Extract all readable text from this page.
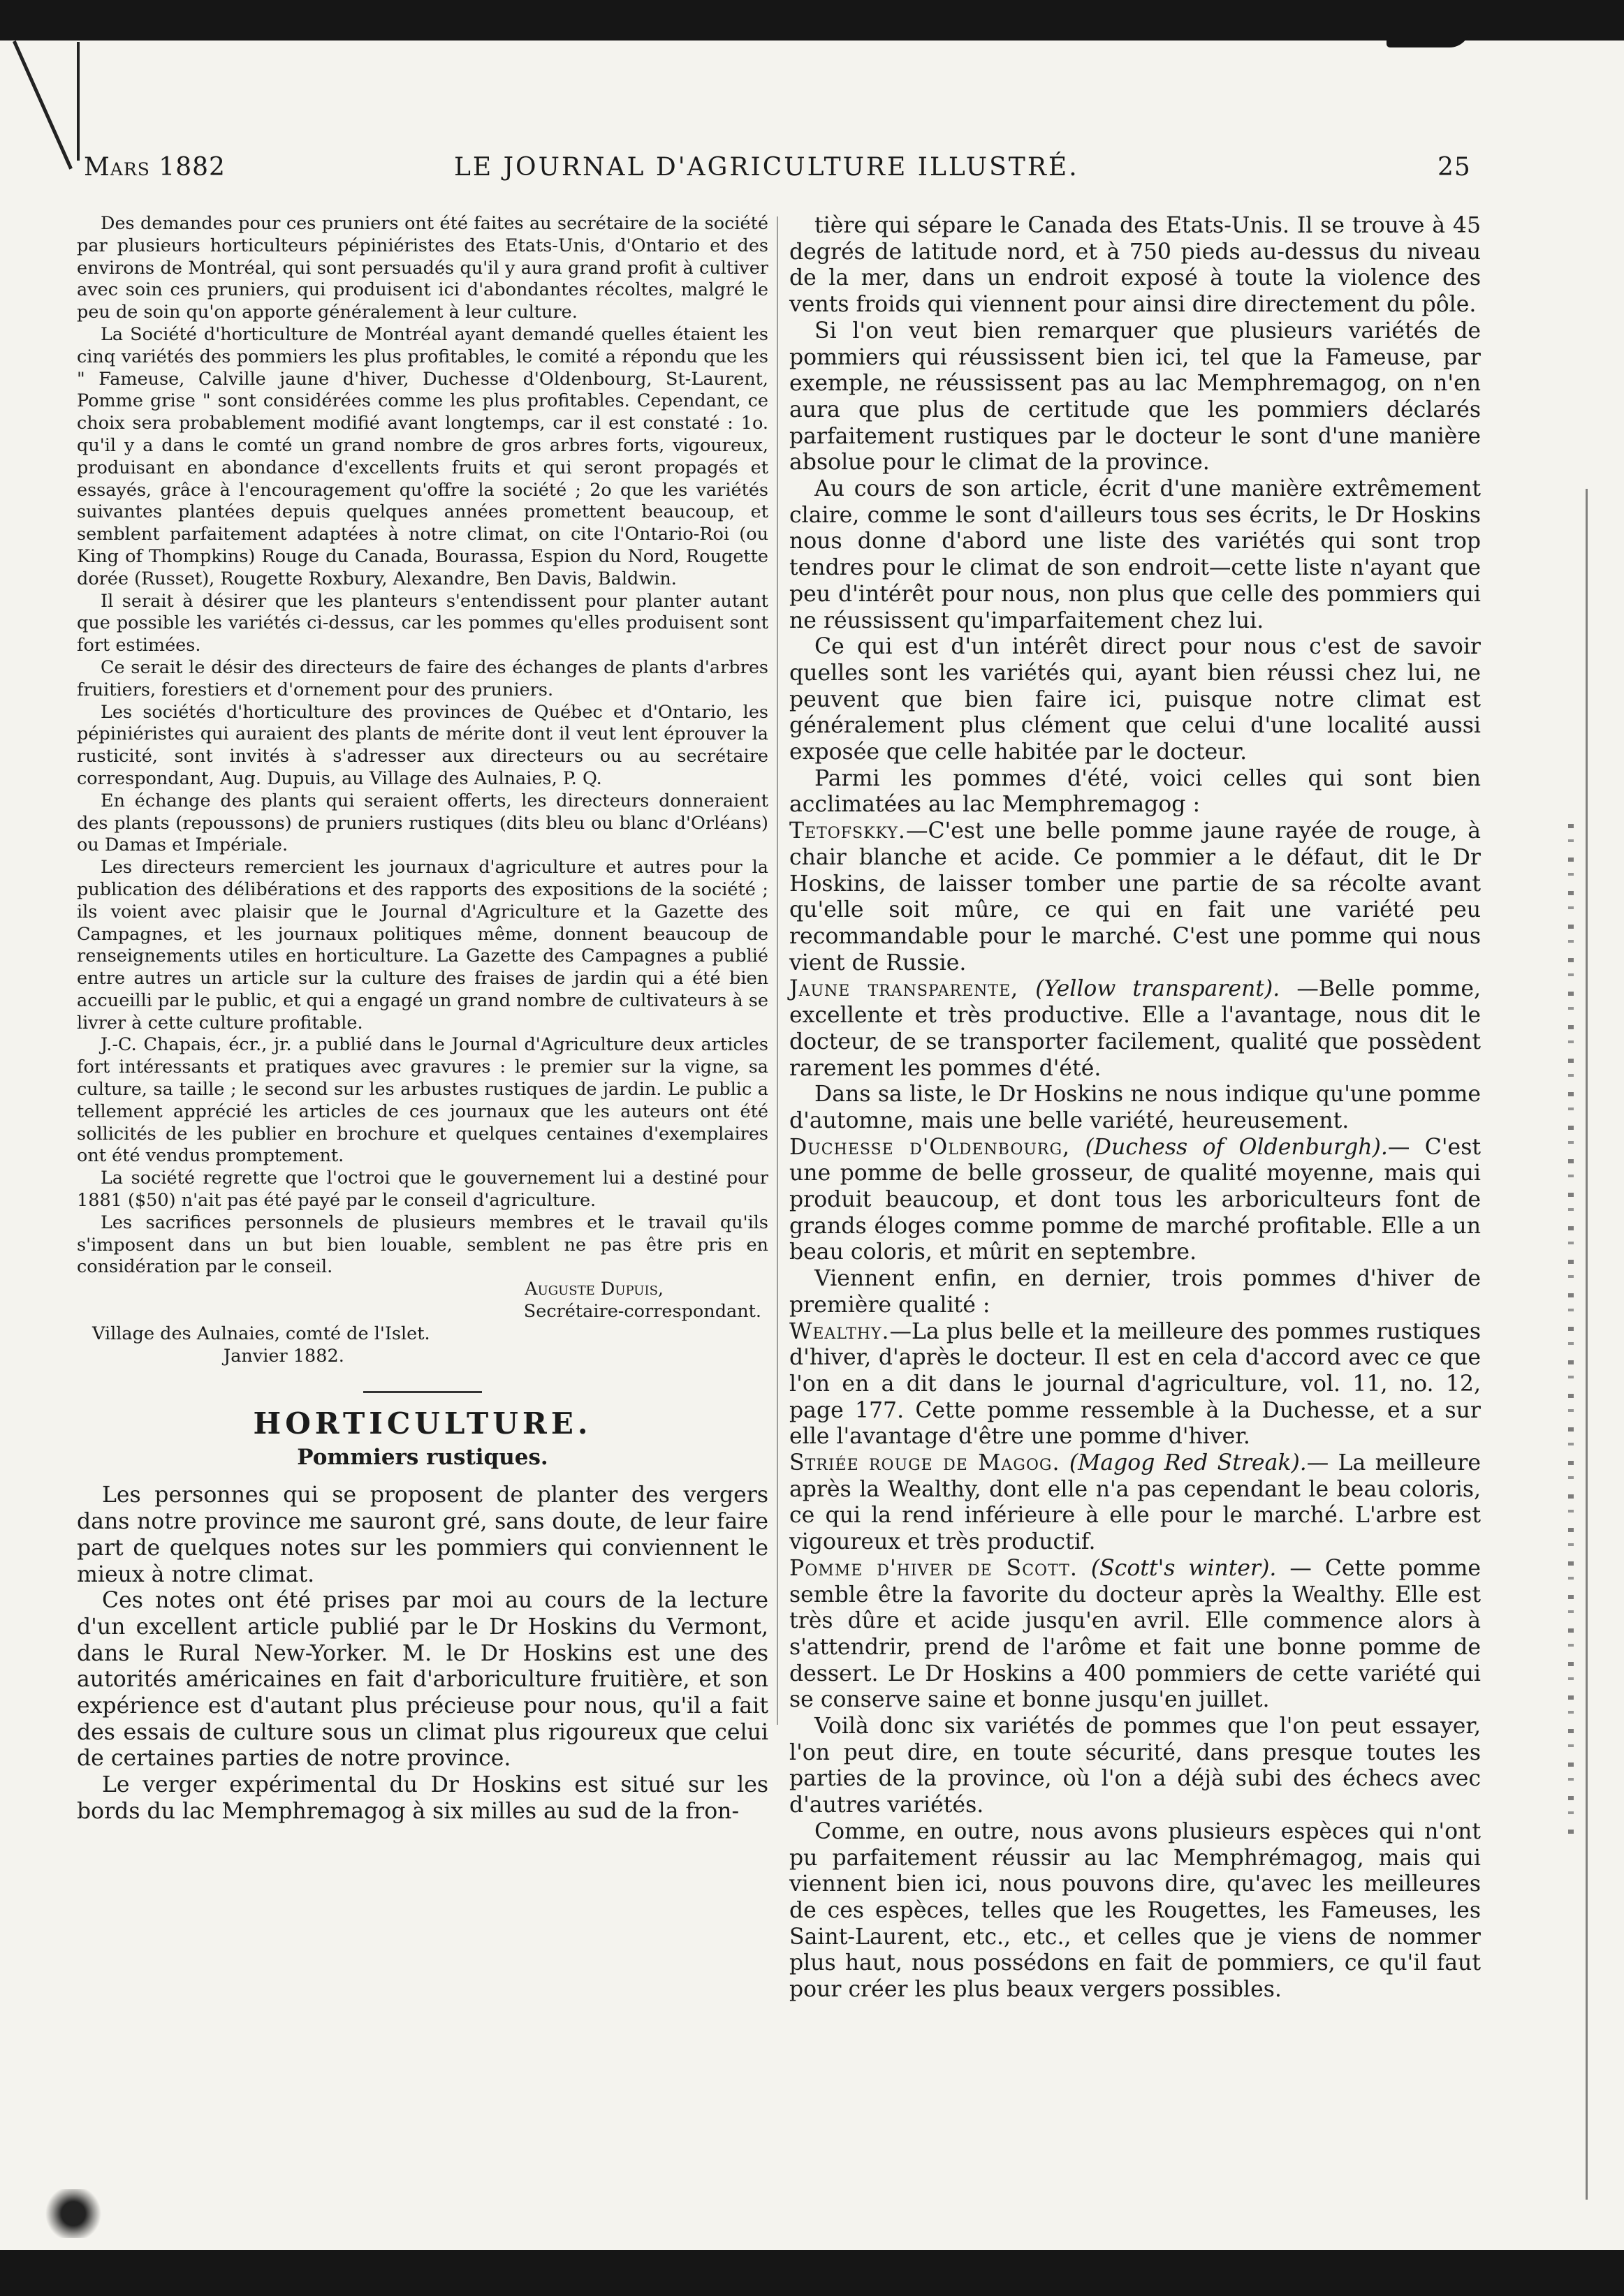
Mars 1882	LE JOURNAL D'AGRICULTURE ILLUSTRÉ.	25

Des demandes pour ces pruniers ont été faites au secrétaire de la société par plusieurs horticulteurs pépiniéristes des Etats-Unis, d'Ontario et des environs de Montréal, qui sont persuadés qu'il y aura grand profit à cultiver avec soin ces pruniers, qui produisent ici d'abondantes récoltes, malgré le peu de soin qu'on apporte généralement à leur culture.

La Société d'horticulture de Montréal ayant demandé quelles étaient les cinq variétés des pommiers les plus profitables, le comité a répondu que les " Fameuse, Calville jaune d'hiver, Duchesse d'Oldenbourg, St-Laurent, Pomme grise " sont considérées comme les plus profitables. Cependant, ce choix sera probablement modifié avant longtemps, car il est constaté : 1o. qu'il y a dans le comté un grand nombre de gros arbres forts, vigoureux, produisant en abondance d'excellents fruits et qui seront propagés et essayés, grâce à l'encouragement qu'offre la société ; 2o que les variétés suivantes plantées depuis quelques années promettent beaucoup, et semblent parfaitement adaptées à notre climat, on cite l'Ontario-Roi (ou King of Thompkins) Rouge du Canada, Bourassa, Espion du Nord, Rougette dorée (Russet), Rougette Roxbury, Alexandre, Ben Davis, Baldwin.

Il serait à désirer que les planteurs s'entendissent pour planter autant que possible les variétés ci-dessus, car les pommes qu'elles produisent sont fort estimées.

Ce serait le désir des directeurs de faire des échanges de plants d'arbres fruitiers, forestiers et d'ornement pour des pruniers.

Les sociétés d'horticulture des provinces de Québec et d'Ontario, les pépiniéristes qui auraient des plants de mérite dont il veut lent éprouver la rusticité, sont invités à s'adresser aux directeurs ou au secrétaire correspondant, Aug. Dupuis, au Village des Aulnaies, P. Q.

En échange des plants qui seraient offerts, les directeurs donneraient des plants (repoussons) de pruniers rustiques (dits bleu ou blanc d'Orléans) ou Damas et Impériale.

Les directeurs remercient les journaux d'agriculture et autres pour la publication des délibérations et des rapports des expositions de la société ; ils voient avec plaisir que le Journal d'Agriculture et la Gazette des Campagnes, et les journaux politiques même, donnent beaucoup de renseignements utiles en horticulture. La Gazette des Campagnes a publié entre autres un article sur la culture des fraises de jardin qui a été bien accueilli par le public, et qui a engagé un grand nombre de cultivateurs à se livrer à cette culture profitable.

J.-C. Chapais, écr., jr. a publié dans le Journal d'Agriculture deux articles fort intéressants et pratiques avec gravures : le premier sur la vigne, sa culture, sa taille ; le second sur les arbustes rustiques de jardin. Le public a tellement apprécié les articles de ces journaux que les auteurs ont été sollicités de les publier en brochure et quelques centaines d'exemplaires ont été vendus promptement.

La société regrette que l'octroi que le gouvernement lui a destiné pour 1881 ($50) n'ait pas été payé par le conseil d'agriculture.

Les sacrifices personnels de plusieurs membres et le travail qu'ils s'imposent dans un but bien louable, semblent ne pas être pris en considération par le conseil.

Auguste Dupuis,
Secrétaire-correspondant.
Village des Aulnaies, comté de l'Islet.
Janvier 1882.
HORTICULTURE.
Pommiers rustiques.

Les personnes qui se proposent de planter des vergers dans notre province me sauront gré, sans doute, de leur faire part de quelques notes sur les pommiers qui conviennent le mieux à notre climat.

Ces notes ont été prises par moi au cours de la lecture d'un excellent article publié par le Dr Hoskins du Vermont, dans le Rural New-Yorker. M. le Dr Hoskins est une des autorités américaines en fait d'arboriculture fruitière, et son expérience est d'autant plus précieuse pour nous, qu'il a fait des essais de culture sous un climat plus rigoureux que celui de certaines parties de notre province.

Le verger expérimental du Dr Hoskins est situé sur les bords du lac Memphremagog à six milles au sud de la fron-

tière qui sépare le Canada des Etats-Unis. Il se trouve à 45 degrés de latitude nord, et à 750 pieds au-dessus du niveau de la mer, dans un endroit exposé à toute la violence des vents froids qui viennent pour ainsi dire directement du pôle.

Si l'on veut bien remarquer que plusieurs variétés de pommiers qui réussissent bien ici, tel que la Fameuse, par exemple, ne réussissent pas au lac Memphremagog, on n'en aura que plus de certitude que les pommiers déclarés parfaitement rustiques par le docteur le sont d'une manière absolue pour le climat de la province.

Au cours de son article, écrit d'une manière extrêmement claire, comme le sont d'ailleurs tous ses écrits, le Dr Hoskins nous donne d'abord une liste des variétés qui sont trop tendres pour le climat de son endroit—cette liste n'ayant que peu d'intérêt pour nous, non plus que celle des pommiers qui ne réussissent qu'imparfaitement chez lui.

Ce qui est d'un intérêt direct pour nous c'est de savoir quelles sont les variétés qui, ayant bien réussi chez lui, ne peuvent que bien faire ici, puisque notre climat est généralement plus clément que celui d'une localité aussi exposée que celle habitée par le docteur.

Parmi les pommes d'été, voici celles qui sont bien acclimatées au lac Memphremagog :

Tetofskky.—C'est une belle pomme jaune rayée de rouge, à chair blanche et acide. Ce pommier a le défaut, dit le Dr Hoskins, de laisser tomber une partie de sa récolte avant qu'elle soit mûre, ce qui en fait une variété peu recommandable pour le marché. C'est une pomme qui nous vient de Russie.

Jaune transparente, (Yellow transparent). —Belle pomme, excellente et très productive. Elle a l'avantage, nous dit le docteur, de se transporter facilement, qualité que possèdent rarement les pommes d'été.

Dans sa liste, le Dr Hoskins ne nous indique qu'une pomme d'automne, mais une belle variété, heureusement.

Duchesse d'Oldenbourg, (Duchess of Oldenburgh).— C'est une pomme de belle grosseur, de qualité moyenne, mais qui produit beaucoup, et dont tous les arboriculteurs font de grands éloges comme pomme de marché profitable. Elle a un beau coloris, et mûrit en septembre.

Viennent enfin, en dernier, trois pommes d'hiver de première qualité :

Wealthy.—La plus belle et la meilleure des pommes rustiques d'hiver, d'après le docteur. Il est en cela d'accord avec ce que l'on en a dit dans le journal d'agriculture, vol. 11, no. 12, page 177. Cette pomme ressemble à la Duchesse, et a sur elle l'avantage d'être une pomme d'hiver.

Striée rouge de Magog. (Magog Red Streak).— La meilleure après la Wealthy, dont elle n'a pas cependant le beau coloris, ce qui la rend inférieure à elle pour le marché. L'arbre est vigoureux et très productif.

Pomme d'hiver de Scott. (Scott's winter). — Cette pomme semble être la favorite du docteur après la Wealthy. Elle est très dûre et acide jusqu'en avril. Elle commence alors à s'attendrir, prend de l'arôme et fait une bonne pomme de dessert. Le Dr Hoskins a 400 pommiers de cette variété qui se conserve saine et bonne jusqu'en juillet.

Voilà donc six variétés de pommes que l'on peut essayer, l'on peut dire, en toute sécurité, dans presque toutes les parties de la province, où l'on a déjà subi des échecs avec d'autres variétés.

Comme, en outre, nous avons plusieurs espèces qui n'ont pu parfaitement réussir au lac Memphrémagog, mais qui viennent bien ici, nous pouvons dire, qu'avec les meilleures de ces espèces, telles que les Rougettes, les Fameuses, les Saint-Laurent, etc., etc., et celles que je viens de nommer plus haut, nous possédons en fait de pommiers, ce qu'il faut pour créer les plus beaux vergers possibles.
